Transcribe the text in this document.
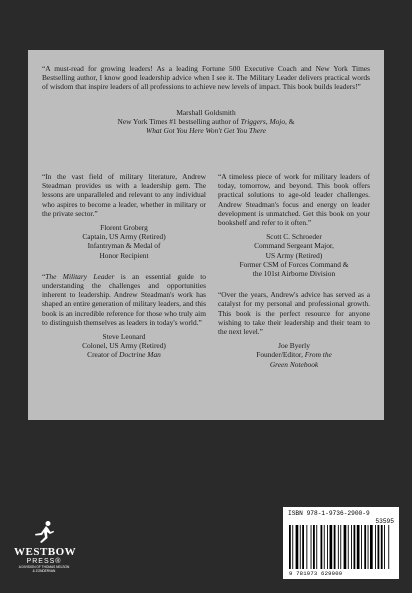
“A must-read for growing leaders! As a leading Fortune 500 Executive Coach and New York Times Bestselling author, I know good leadership advice when I see it. The Military Leader delivers practical words of wisdom that inspire leaders of all professions to achieve new levels of impact. This book builds leaders!”

Marshall Goldsmith
New York Times #1 bestselling author of Triggers, Mojo, &
What Got You Here Won't Get You There

“In the vast field of military literature, Andrew Steadman provides us with a leadership gem. The lessons are unparalleled and relevant to any individual who aspires to become a leader, whether in military or the private sector.”

Florent Groberg
Captain, US Army (Retired)
Infantryman & Medal of
Honor Recipient

“The Military Leader is an essential guide to understanding the challenges and opportunities inherent to leadership. Andrew Steadman's work has shaped an entire generation of military leaders, and this book is an incredible reference for those who truly aim to distinguish themselves as leaders in today's world.”

Steve Leonard
Colonel, US Army (Retired)
Creator of Doctrine Man

“A timeless piece of work for military leaders of today, tomorrow, and beyond. This book offers practical solutions to age-old leader challenges. Andrew Steadman's focus and energy on leader development is unmatched. Get this book on your bookshelf and refer to it often.”

Scott C. Schroeder
Command Sergeant Major,
US Army (Retired)
Former CSM of Forces Command &
the 101st Airborne Division

“Over the years, Andrew's advice has served as a catalyst for my personal and professional growth. This book is the perfect resource for anyone wishing to take their leadership and their team to the next level.”

Joe Byerly
Founder/Editor, From the
Green Notebook
WESTBOW
PRESS®
A DIVISION OF THOMAS NELSON
& ZONDERVAN
ISBN 978-1-9736-2900-9
53595
9 781973 629009
